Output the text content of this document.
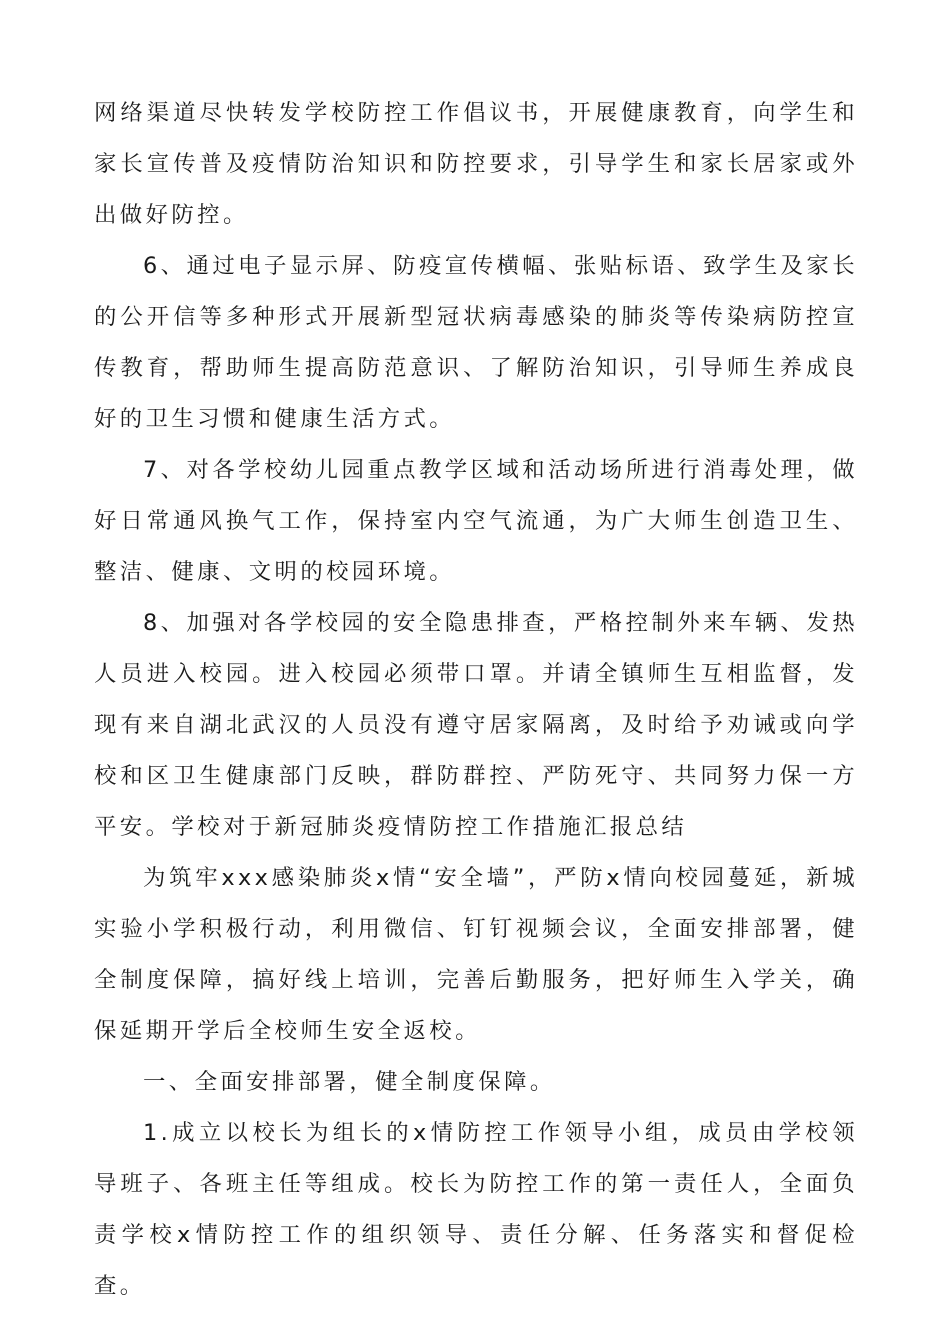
网络渠道尽快转发学校防控工作倡议书，开展健康教育，向学生和家长宣传普及疫情防治知识和防控要求，引导学生和家长居家或外出做好防控。

6、通过电子显示屏、防疫宣传横幅、张贴标语、致学生及家长的公开信等多种形式开展新型冠状病毒感染的肺炎等传染病防控宣传教育，帮助师生提高防范意识、了解防治知识，引导师生养成良好的卫生习惯和健康生活方式。

7、对各学校幼儿园重点教学区域和活动场所进行消毒处理，做好日常通风换气工作，保持室内空气流通，为广大师生创造卫生、整洁、健康、文明的校园环境。

8、加强对各学校园的安全隐患排查，严格控制外来车辆、发热人员进入校园。进入校园必须带口罩。并请全镇师生互相监督，发现有来自湖北武汉的人员没有遵守居家隔离，及时给予劝诫或向学校和区卫生健康部门反映，群防群控、严防死守、共同努力保一方平安。学校对于新冠肺炎疫情防控工作措施汇报总结

为筑牢xxx感染肺炎x情“安全墙”，严防x情向校园蔓延，新城实验小学积极行动，利用微信、钉钉视频会议，全面安排部署，健全制度保障，搞好线上培训，完善后勤服务，把好师生入学关，确保延期开学后全校师生安全返校。

一、全面安排部署，健全制度保障。

1.成立以校长为组长的x情防控工作领导小组，成员由学校领导班子、各班主任等组成。校长为防控工作的第一责任人，全面负责学校x情防控工作的组织领导、责任分解、任务落实和督促检查。
